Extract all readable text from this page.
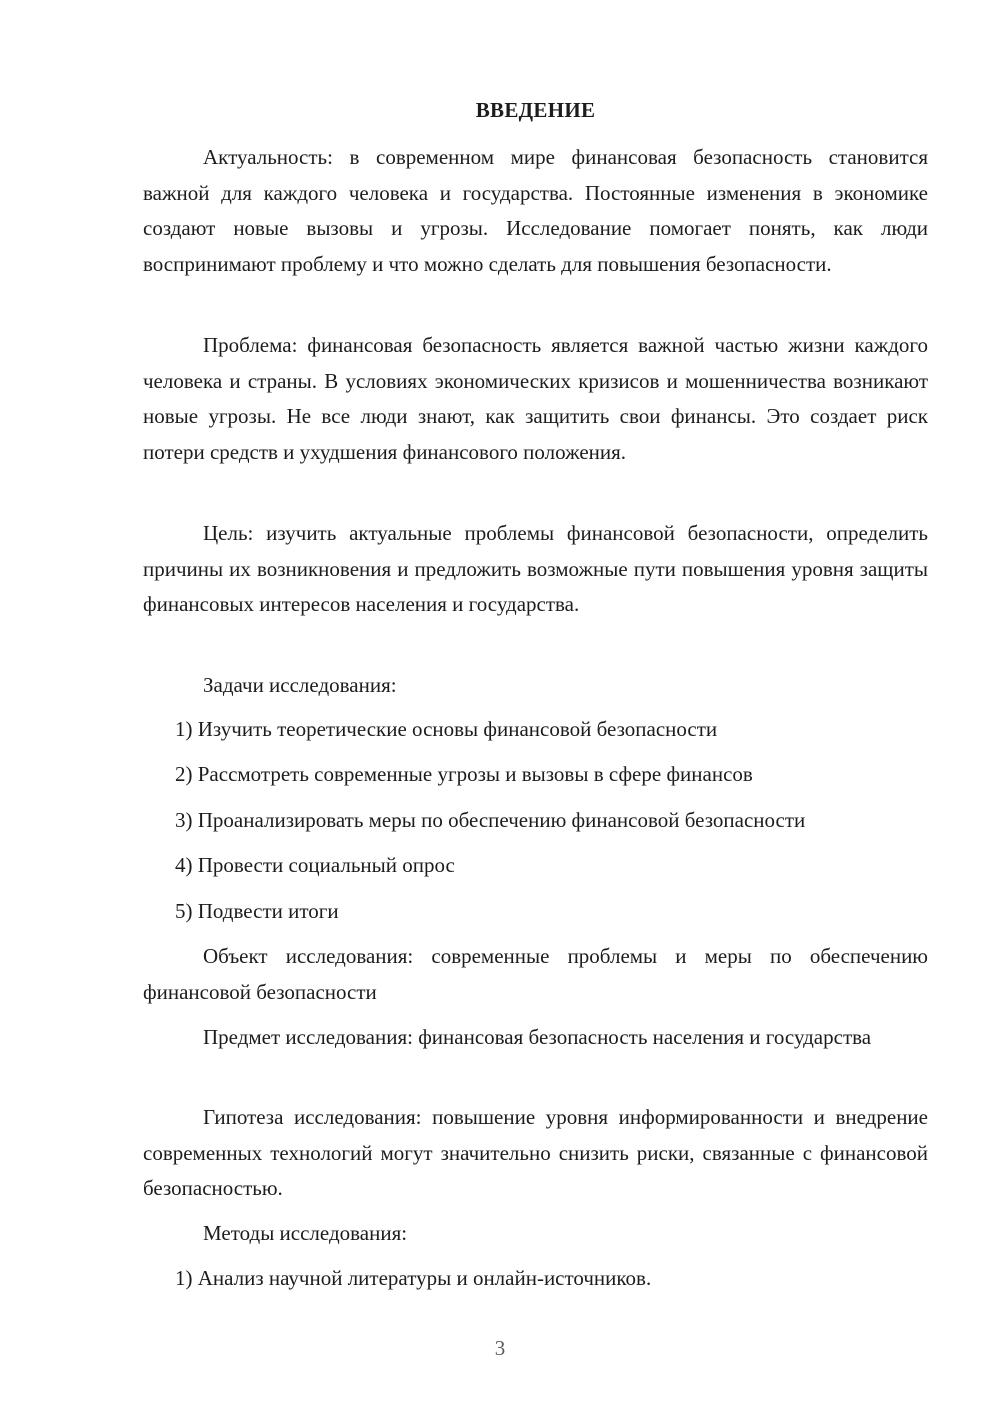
ВВЕДЕНИЕ

Актуальность: в современном мире финансовая безопасность становится важной для каждого человека и государства. Постоянные изменения в экономике создают новые вызовы и угрозы. Исследование помогает понять, как люди воспринимают проблему и что можно сделать для повышения безопасности.

Проблема: финансовая безопасность является важной частью жизни каждого человека и страны. В условиях экономических кризисов и мошенничества возникают новые угрозы. Не все люди знают, как защитить свои финансы. Это создает риск потери средств и ухудшения финансового положения.

Цель: изучить актуальные проблемы финансовой безопасности, определить причины их возникновения и предложить возможные пути повышения уровня защиты финансовых интересов населения и государства.

Задачи исследования:

1) Изучить теоретические основы финансовой безопасности

2) Рассмотреть современные угрозы и вызовы в сфере финансов

3) Проанализировать меры по обеспечению финансовой безопасности

4) Провести социальный опрос

5) Подвести итоги

Объект исследования: современные проблемы и меры по обеспечению финансовой безопасности

Предмет исследования: финансовая безопасность населения и государства

Гипотеза исследования: повышение уровня информированности и внедрение современных технологий могут значительно снизить риски, связанные с финансовой безопасностью.

Методы исследования:

1) Анализ научной литературы и онлайн-источников.

3
